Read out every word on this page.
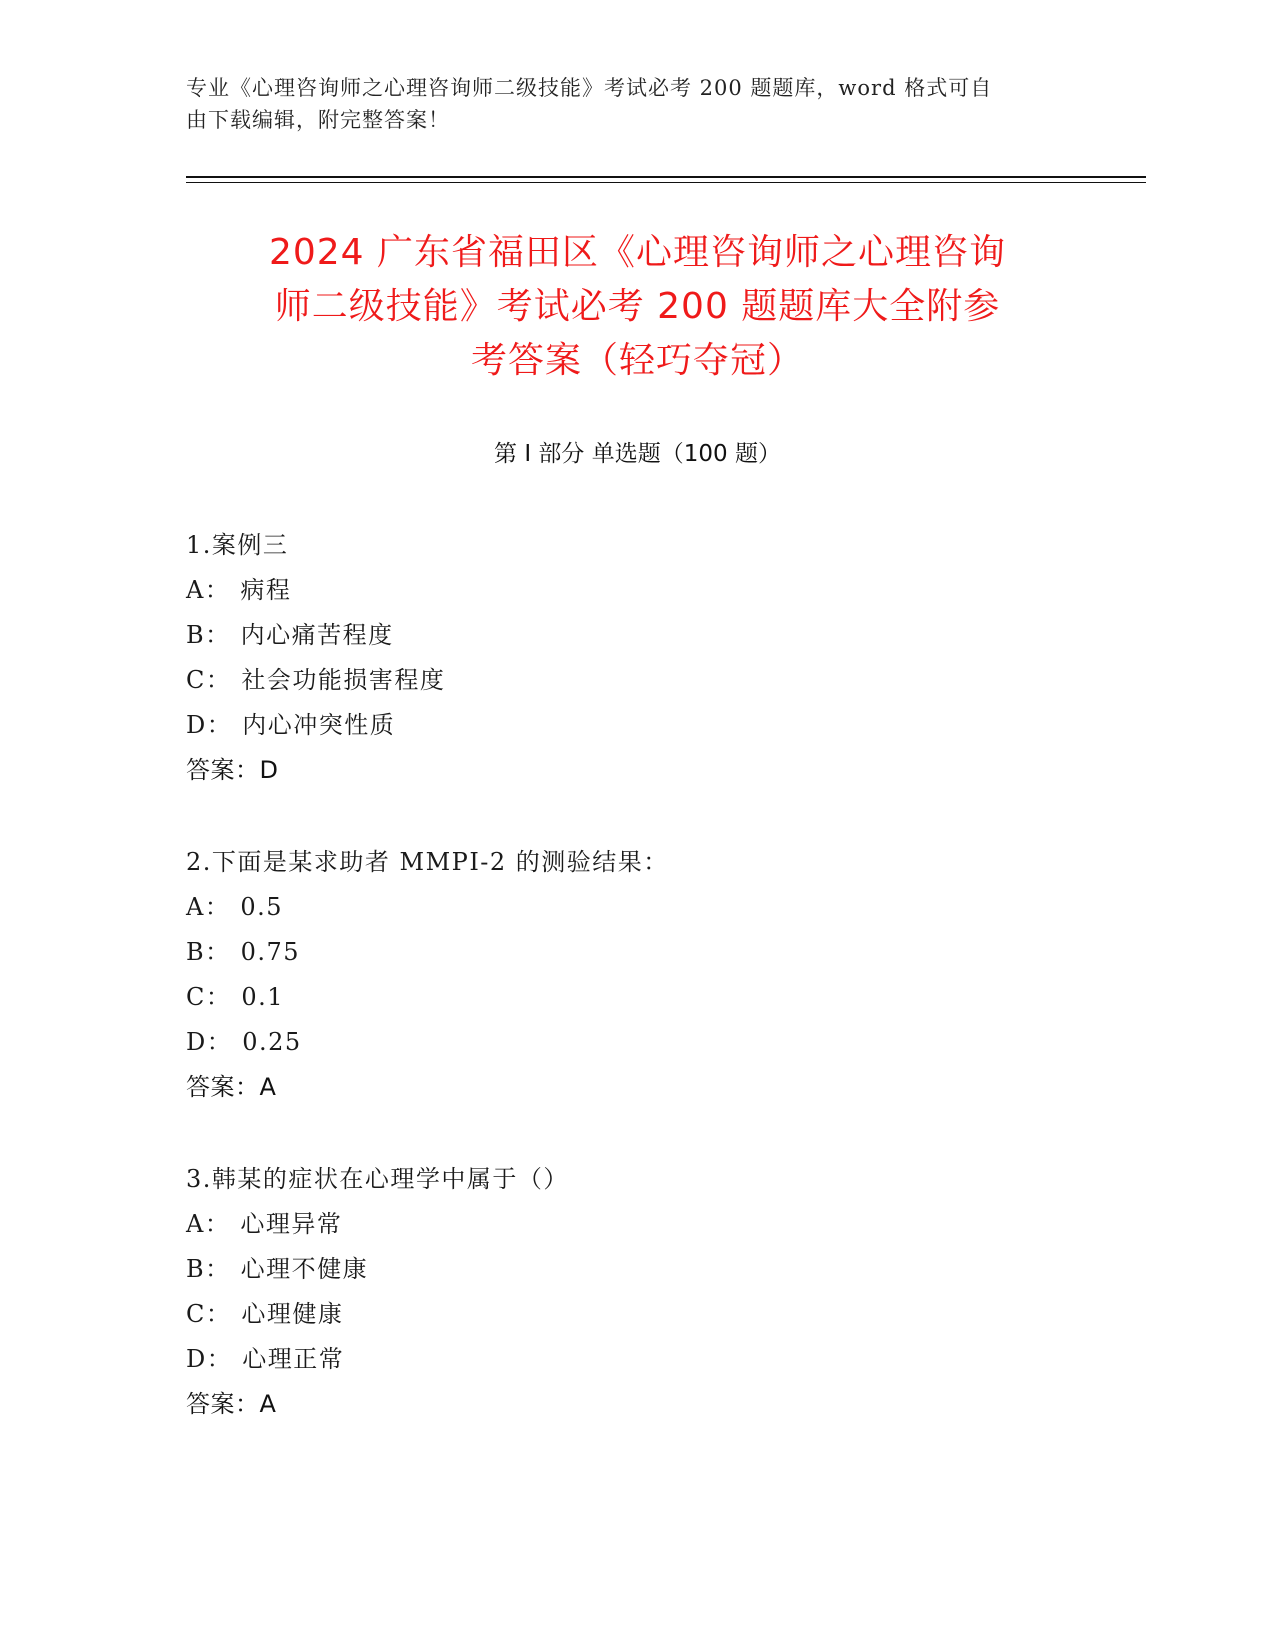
专业《心理咨询师之心理咨询师二级技能》考试必考 200 题题库，word 格式可自
由下载编辑，附完整答案！
2024 广东省福田区《心理咨询师之心理咨询
师二级技能》考试必考 200 题题库大全附参
考答案（轻巧夺冠）
第 I 部分 单选题（100 题）
1.案例三
A： 病程
B： 内心痛苦程度
C： 社会功能损害程度
D： 内心冲突性质
答案：D
2.下面是某求助者 MMPI-2 的测验结果：
A： 0.5
B： 0.75
C： 0.1
D： 0.25
答案：A
3.韩某的症状在心理学中属于（）
A： 心理异常
B： 心理不健康
C： 心理健康
D： 心理正常
答案：A
